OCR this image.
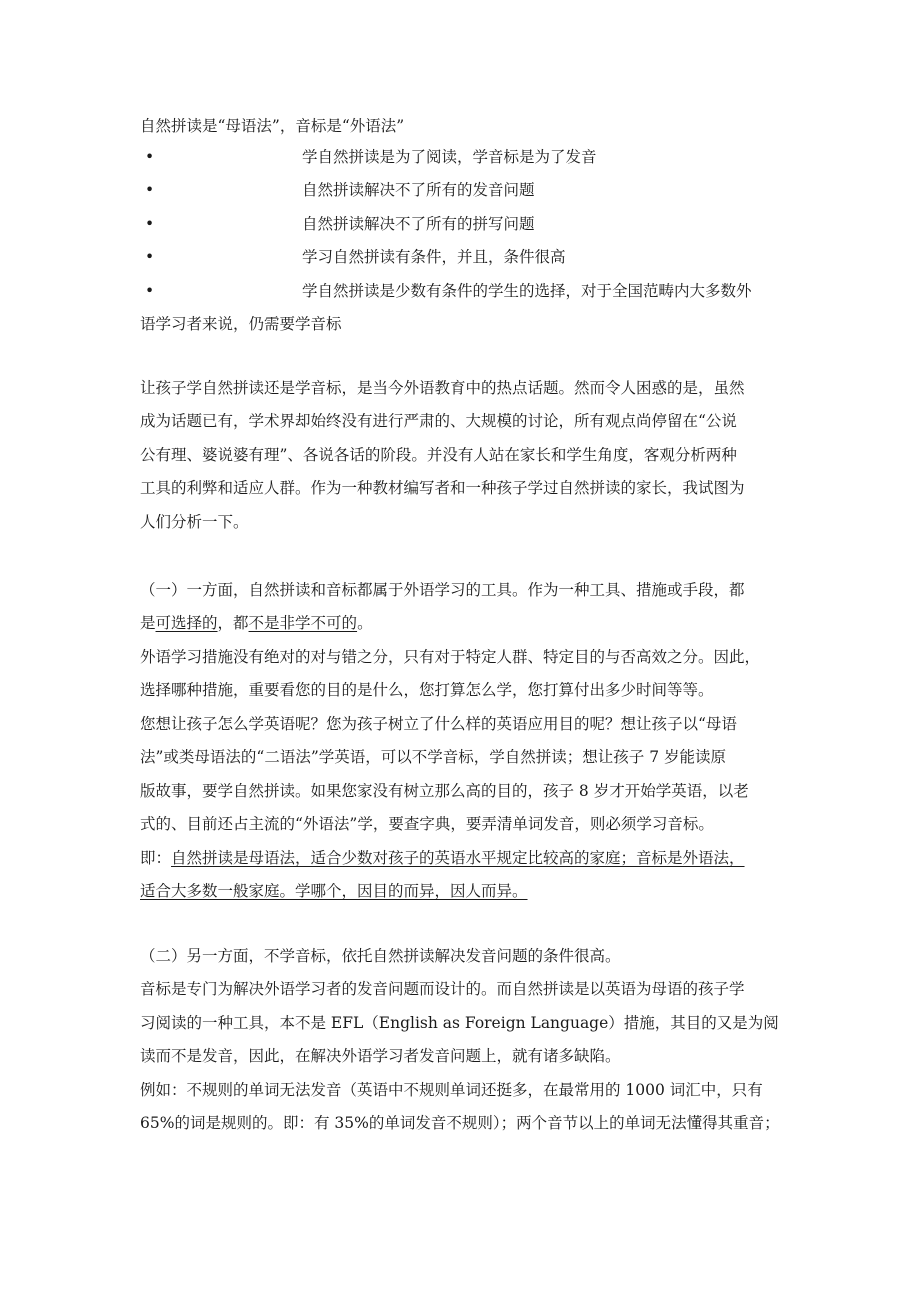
自然拼读是“母语法”，音标是“外语法”
•	学自然拼读是为了阅读，学音标是为了发音
•	自然拼读解决不了所有的发音问题
•	自然拼读解决不了所有的拼写问题
•	学习自然拼读有条件，并且，条件很高
•	学自然拼读是少数有条件的学生的选择，对于全国范畴内大多数外
语学习者来说，仍需要学音标
让孩子学自然拼读还是学音标，是当今外语教育中的热点话题。然而令人困惑的是，虽然
成为话题已有，学术界却始终没有进行严肃的、大规模的讨论，所有观点尚停留在“公说
公有理、婆说婆有理”、各说各话的阶段。并没有人站在家长和学生角度，客观分析两种
工具的利弊和适应人群。作为一种教材编写者和一种孩子学过自然拼读的家长，我试图为
人们分析一下。
（一）一方面，自然拼读和音标都属于外语学习的工具。作为一种工具、措施或手段，都
是可选择的，都不是非学不可的。
外语学习措施没有绝对的对与错之分，只有对于特定人群、特定目的与否高效之分。因此，
选择哪种措施，重要看您的目的是什么，您打算怎么学，您打算付出多少时间等等。
您想让孩子怎么学英语呢？您为孩子树立了什么样的英语应用目的呢？想让孩子以“母语
法”或类母语法的“二语法”学英语，可以不学音标，学自然拼读；想让孩子 7 岁能读原
版故事，要学自然拼读。如果您家没有树立那么高的目的，孩子 8 岁才开始学英语，以老
式的、目前还占主流的“外语法”学，要查字典，要弄清单词发音，则必须学习音标。
即：自然拼读是母语法，适合少数对孩子的英语水平规定比较高的家庭；音标是外语法，
适合大多数一般家庭。学哪个，因目的而异，因人而异。
（二）另一方面，不学音标，依托自然拼读解决发音问题的条件很高。
音标是专门为解决外语学习者的发音问题而设计的。而自然拼读是以英语为母语的孩子学
习阅读的一种工具，本不是 EFL（English as Foreign Language）措施，其目的又是为阅
读而不是发音，因此，在解决外语学习者发音问题上，就有诸多缺陷。
例如：不规则的单词无法发音（英语中不规则单词还挺多，在最常用的 1000 词汇中，只有
65%的词是规则的。即：有 35%的单词发音不规则）；两个音节以上的单词无法懂得其重音；
